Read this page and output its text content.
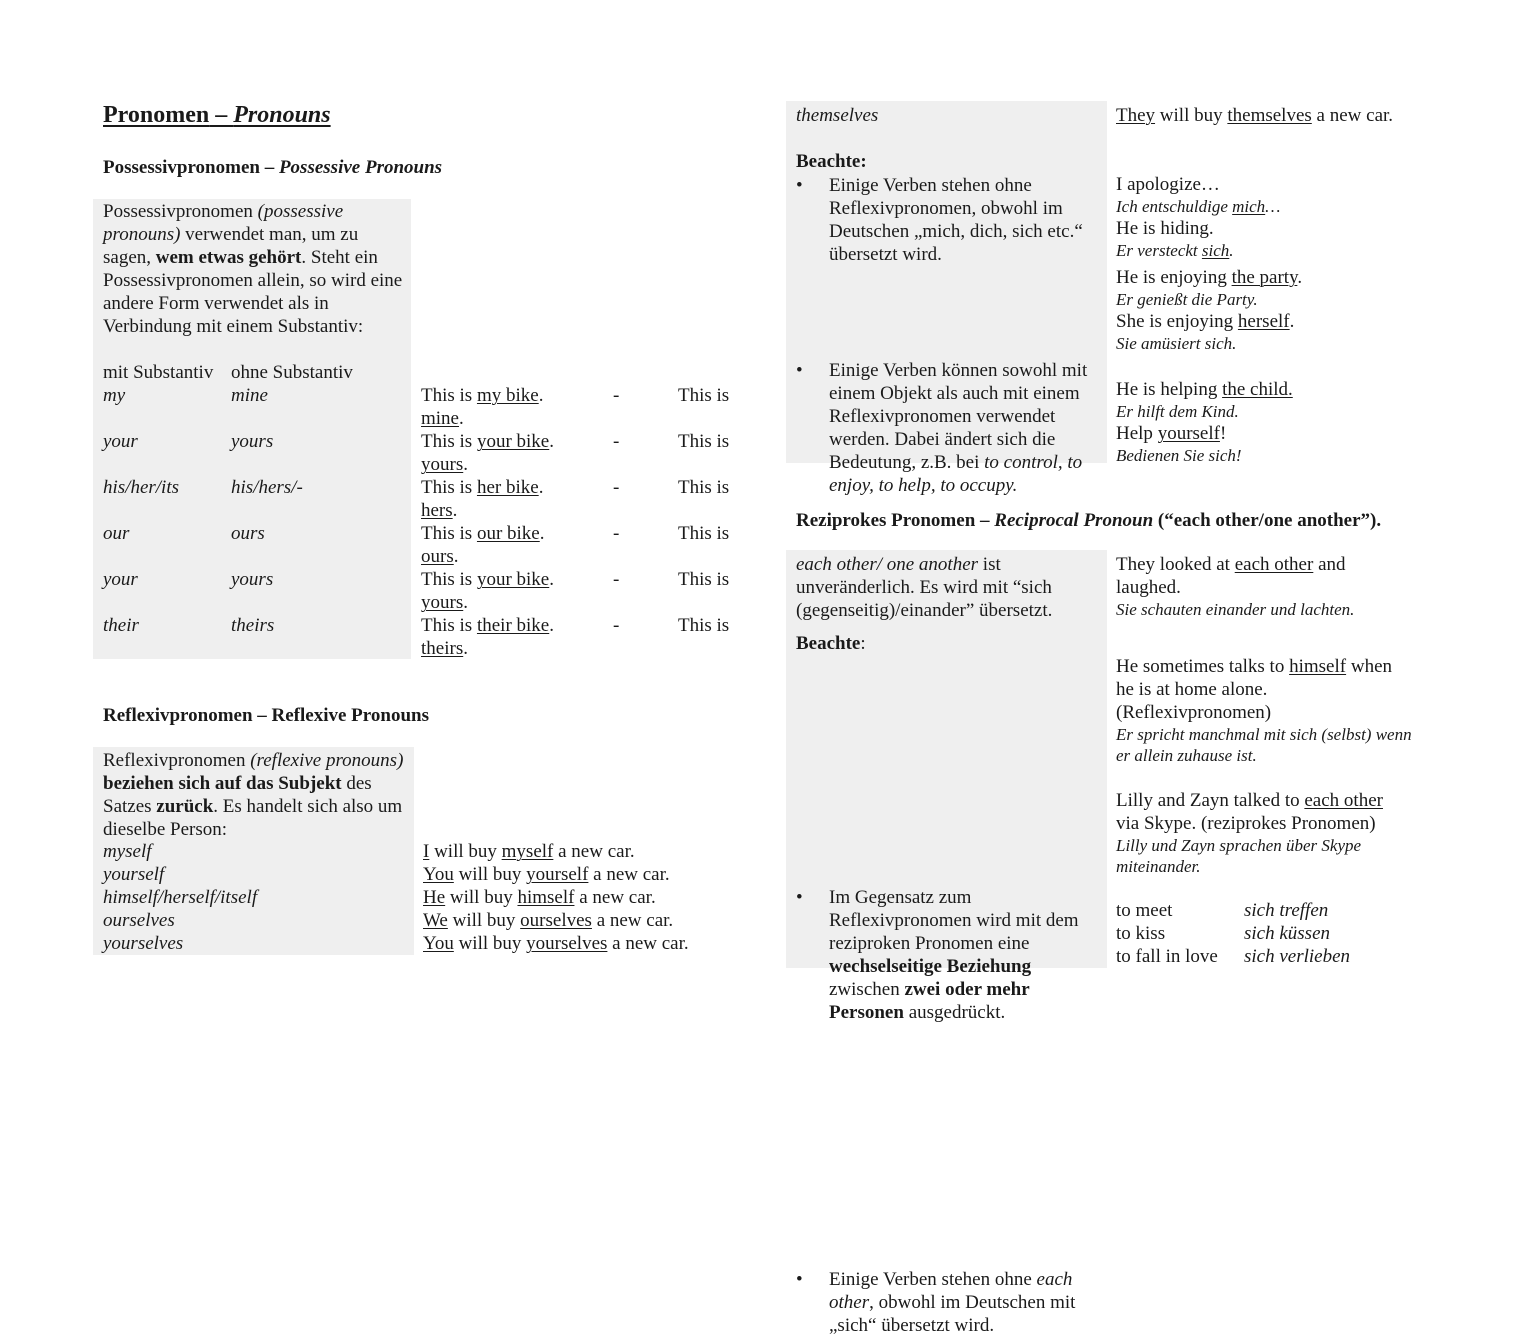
Pronomen – Pronouns
Possessivpronomen – Possessive Pronouns
Possessivpronomen (possessive pronouns) verwendet man, um zu sagen, wem etwas gehört. Steht ein Possessivpronomen allein, so wird eine andere Form verwendet als in Verbindung mit einem Substantiv:
mit Substantiv ohne Substantiv
my	mine	This is my bike.	-	This is
mine.
your	yours	This is your bike.	-	This is
yours.
his/her/its	his/hers/-	This is her bike.	-	This is
hers.
our	ours	This is our bike.	-	This is
ours.
your	yours	This is your bike.	-	This is
yours.
their	theirs	This is their bike.	-	This is
theirs.
Reflexivpronomen – Reflexive Pronouns
Reflexivpronomen (reflexive pronouns) beziehen sich auf das Subjekt des Satzes zurück. Es handelt sich also um dieselbe Person:
myself	I will buy myself a new car.
yourself	You will buy yourself a new car.
himself/herself/itself	He will buy himself a new car.
ourselves	We will buy ourselves a new car.
yourselves	You will buy yourselves a new car.
themselves	They will buy themselves a new car.
Beachte:
• Einige Verben stehen ohne Reflexivpronomen, obwohl im Deutschen „mich, dich, sich etc.“ übersetzt wird.
I apologize…
Ich entschuldige mich…
He is hiding.
Er versteckt sich.
• Einige Verben können sowohl mit einem Objekt als auch mit einem Reflexivpronomen verwendet werden. Dabei ändert sich die Bedeutung, z.B. bei to control, to enjoy, to help, to occupy.
He is enjoying the party.
Er genießt die Party.
She is enjoying herself.
Sie amüsiert sich.
He is helping the child.
Er hilft dem Kind.
Help yourself!
Bedienen Sie sich!
Reziprokes Pronomen – Reciprocal Pronoun (“each other/one another”).
each other/ one another ist unveränderlich. Es wird mit “sich (gegenseitig)/einander” übersetzt.
They looked at each other and laughed.
Sie schauten einander und lachten.
Beachte:
• Im Gegensatz zum Reflexivpronomen wird mit dem reziproken Pronomen eine wechselseitige Beziehung zwischen zwei oder mehr Personen ausgedrückt.
He sometimes talks to himself when he is at home alone. (Reflexivpronomen)
Er spricht manchmal mit sich (selbst) wenn er allein zuhause ist.
Lilly and Zayn talked to each other via Skype. (reziprokes Pronomen)
Lilly und Zayn sprachen über Skype miteinander.
• Einige Verben stehen ohne each other, obwohl im Deutschen mit „sich“ übersetzt wird.
to meet	sich treffen
to kiss	sich küssen
to fall in love sich verlieben
